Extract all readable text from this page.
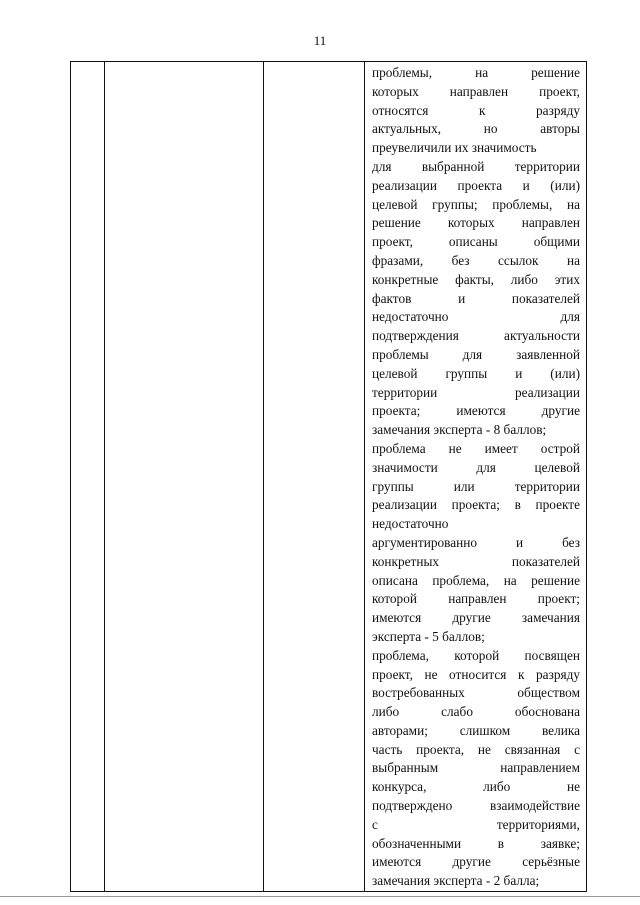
11

проблемы, на решение
которых направлен проект,
относятся к разряду
актуальных, но авторы
преувеличили их значимость
для выбранной территории
реализации проекта и (или)
целевой группы; проблемы, на
решение которых направлен
проект, описаны общими
фразами, без ссылок на
конкретные факты, либо этих
фактов и показателей
недостаточно для
подтверждения актуальности
проблемы для заявленной
целевой группы и (или)
территории реализации
проекта; имеются другие
замечания эксперта - 8 баллов;
проблема не имеет острой
значимости для целевой
группы или территории
реализации проекта; в проекте
недостаточно
аргументированно и без
конкретных показателей
описана проблема, на решение
которой направлен проект;
имеются другие замечания
эксперта - 5 баллов;
проблема, которой посвящен
проект, не относится к разряду
востребованных обществом
либо слабо обоснована
авторами; слишком велика
часть проекта, не связанная с
выбранным направлением
конкурса, либо не
подтверждено взаимодействие
с территориями,
обозначенными в заявке;
имеются другие серьёзные
замечания эксперта - 2 балла;
